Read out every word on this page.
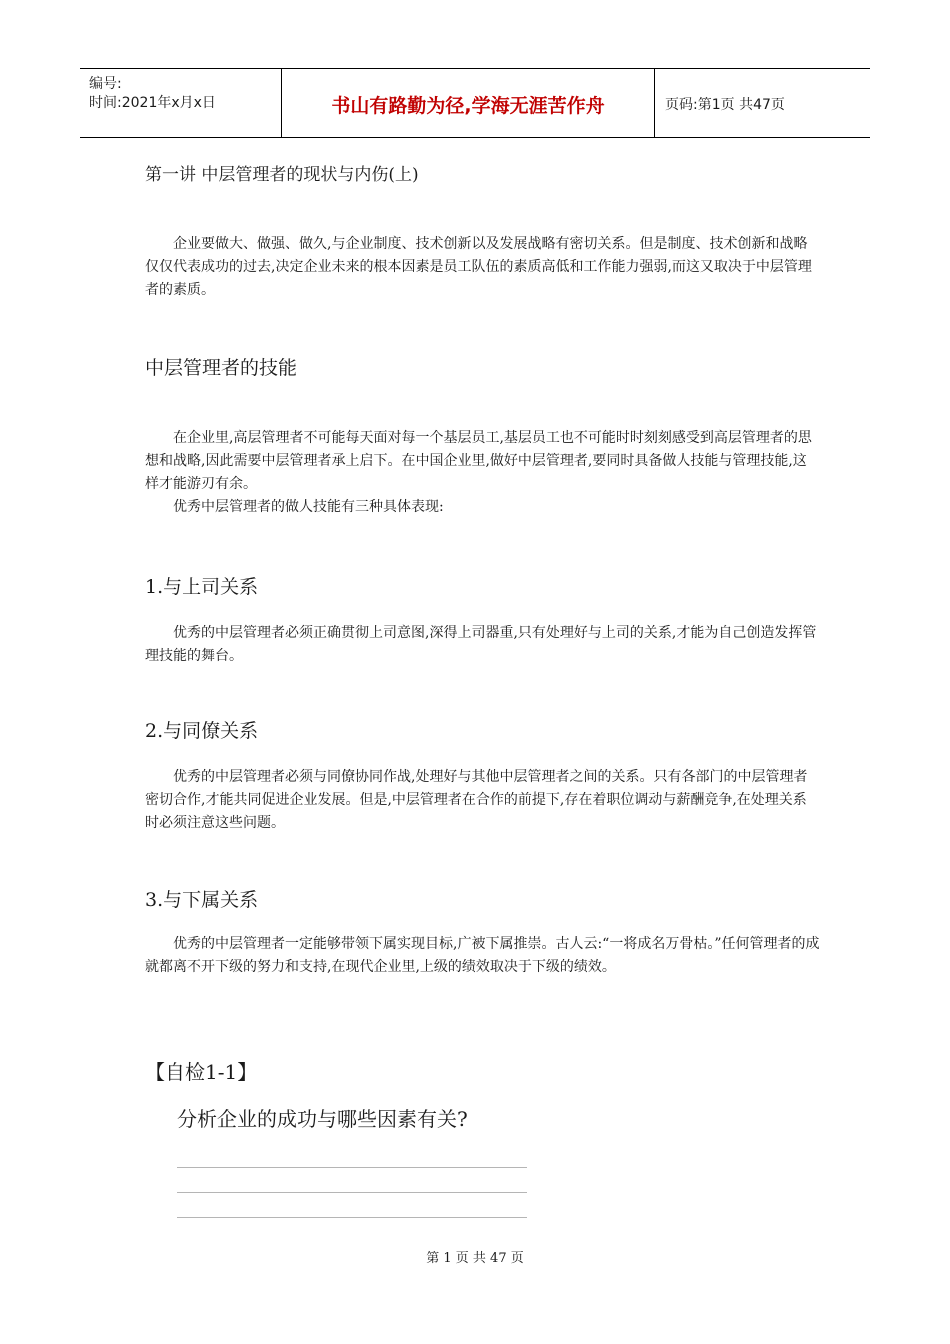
编号:
时间:2021年x月x日	书山有路勤为径,学海无涯苦作舟	页码:第1页 共47页
第一讲 中层管理者的现状与内伤(上)

企业要做大、做强、做久,与企业制度、技术创新以及发展战略有密切关系。但是制度、技术创新和战略仅仅代表成功的过去,决定企业未来的根本因素是员工队伍的素质高低和工作能力强弱,而这又取决于中层管理者的素质。

中层管理者的技能

在企业里,高层管理者不可能每天面对每一个基层员工,基层员工也不可能时时刻刻感受到高层管理者的思想和战略,因此需要中层管理者承上启下。在中国企业里,做好中层管理者,要同时具备做人技能与管理技能,这样才能游刃有余。

优秀中层管理者的做人技能有三种具体表现:

1.与上司关系

优秀的中层管理者必须正确贯彻上司意图,深得上司器重,只有处理好与上司的关系,才能为自己创造发挥管理技能的舞台。

2.与同僚关系

优秀的中层管理者必须与同僚协同作战,处理好与其他中层管理者之间的关系。只有各部门的中层管理者密切合作,才能共同促进企业发展。但是,中层管理者在合作的前提下,存在着职位调动与薪酬竞争,在处理关系时必须注意这些问题。

3.与下属关系

优秀的中层管理者一定能够带领下属实现目标,广被下属推崇。古人云:“一将成名万骨枯。”任何管理者的成就都离不开下级的努力和支持,在现代企业里,上级的绩效取决于下级的绩效。

【自检1-1】
分析企业的成功与哪些因素有关?
第 1 页 共 47 页
